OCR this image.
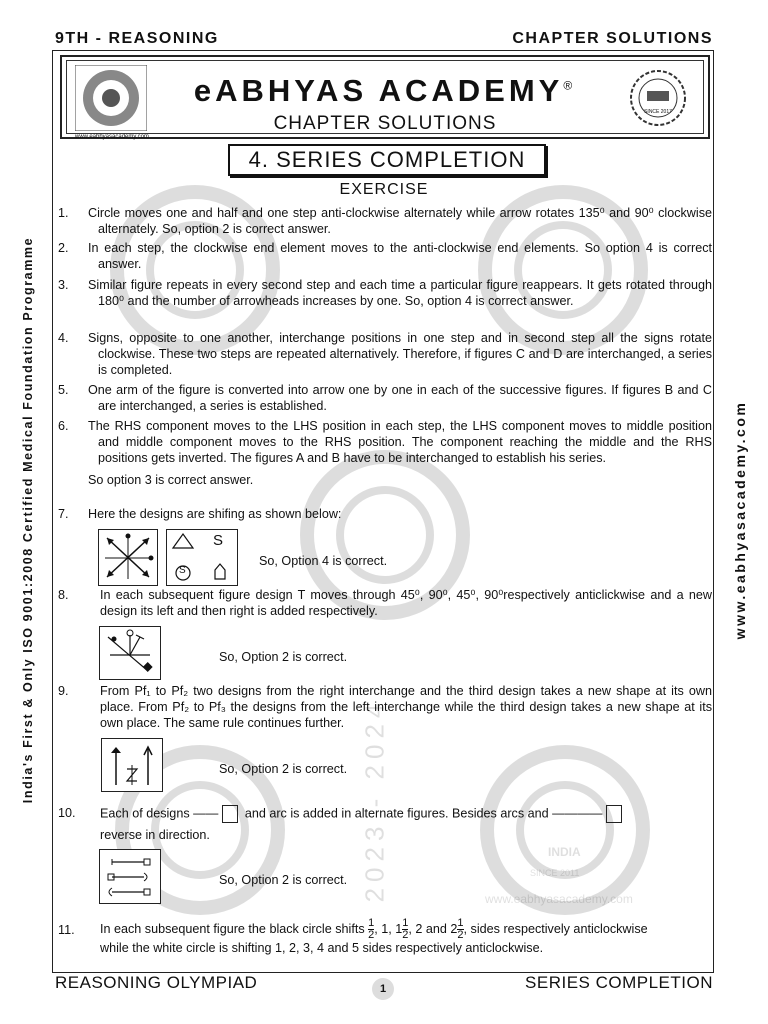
9TH - REASONING	CHAPTER SOLUTIONS
2023 - 2024	www.eabhyasacademy.com
INDIA
SINCE 2011
www.eabhyasacademy.com
eABHYAS ACADEMY®
CHAPTER SOLUTIONS
SINCE 2017
4. SERIES COMPLETION
EXERCISE
India's First & Only ISO 9001:2008 Certified Medical Foundation Programme	www.eabhyasacademy.com
1. Circle moves one and half and one step anti-clockwise alternately while arrow rotates 135⁰ and 90⁰ clockwise alternately. So, option 2 is correct answer.
2. In each step, the clockwise end element moves to the anti-clockwise end elements. So option 4 is correct answer.
3. Similar figure repeats in every second step and each time a particular figure reappears. It gets rotated through 180⁰ and the number of arrowheads increases by one. So, option 4 is correct answer.
4. Signs, opposite to one another, interchange positions in one step and in second step all the signs rotate clockwise. These two steps are repeated alternatively. Therefore, if figures C and D are interchanged, a series is completed.
5. One arm of the figure is converted into arrow one by one in each of the successive figures. If figures B and C are interchanged, a series is established.
6. The RHS component moves to the LHS position in each step, the LHS component moves to middle position and middle component moves to the RHS position. The component reaching the middle and the RHS positions gets inverted. The figures A and B have to be interchanged to establish his series.
So option 3 is correct answer.
7. Here the designs are shifing as shown below:
S
S
So, Option 4 is correct.
8. In each subsequent figure design T moves through 45⁰, 90⁰, 45⁰, 90⁰respectively anticlickwise and a new design its left and then right is added respectively.
So, Option 2 is correct.
9. From Pf₁ to Pf₂ two designs from the right interchange and the third design takes a new shape at its own place. From Pf₂ to Pf₃ the designs from the left interchange while the third design takes a new shape at its own place. The same rule continues further.
So, Option 2 is correct.
10. Each of designs —— and arc is added in alternate figures. Besides arcs and ————
reverse in direction.
So, Option 2 is correct.
11. In each subsequent figure the black circle shifts $\frac{1}{2}$ , 1, $1 \frac{1}{2}$ , 2 and $2 \frac{1}{2}$ , sides respectively anticlockwise
while the white circle is shifting 1, 2, 3, 4 and 5 sides respectively anticlockwise.
REASONING OLYMPIAD	1	SERIES COMPLETION
